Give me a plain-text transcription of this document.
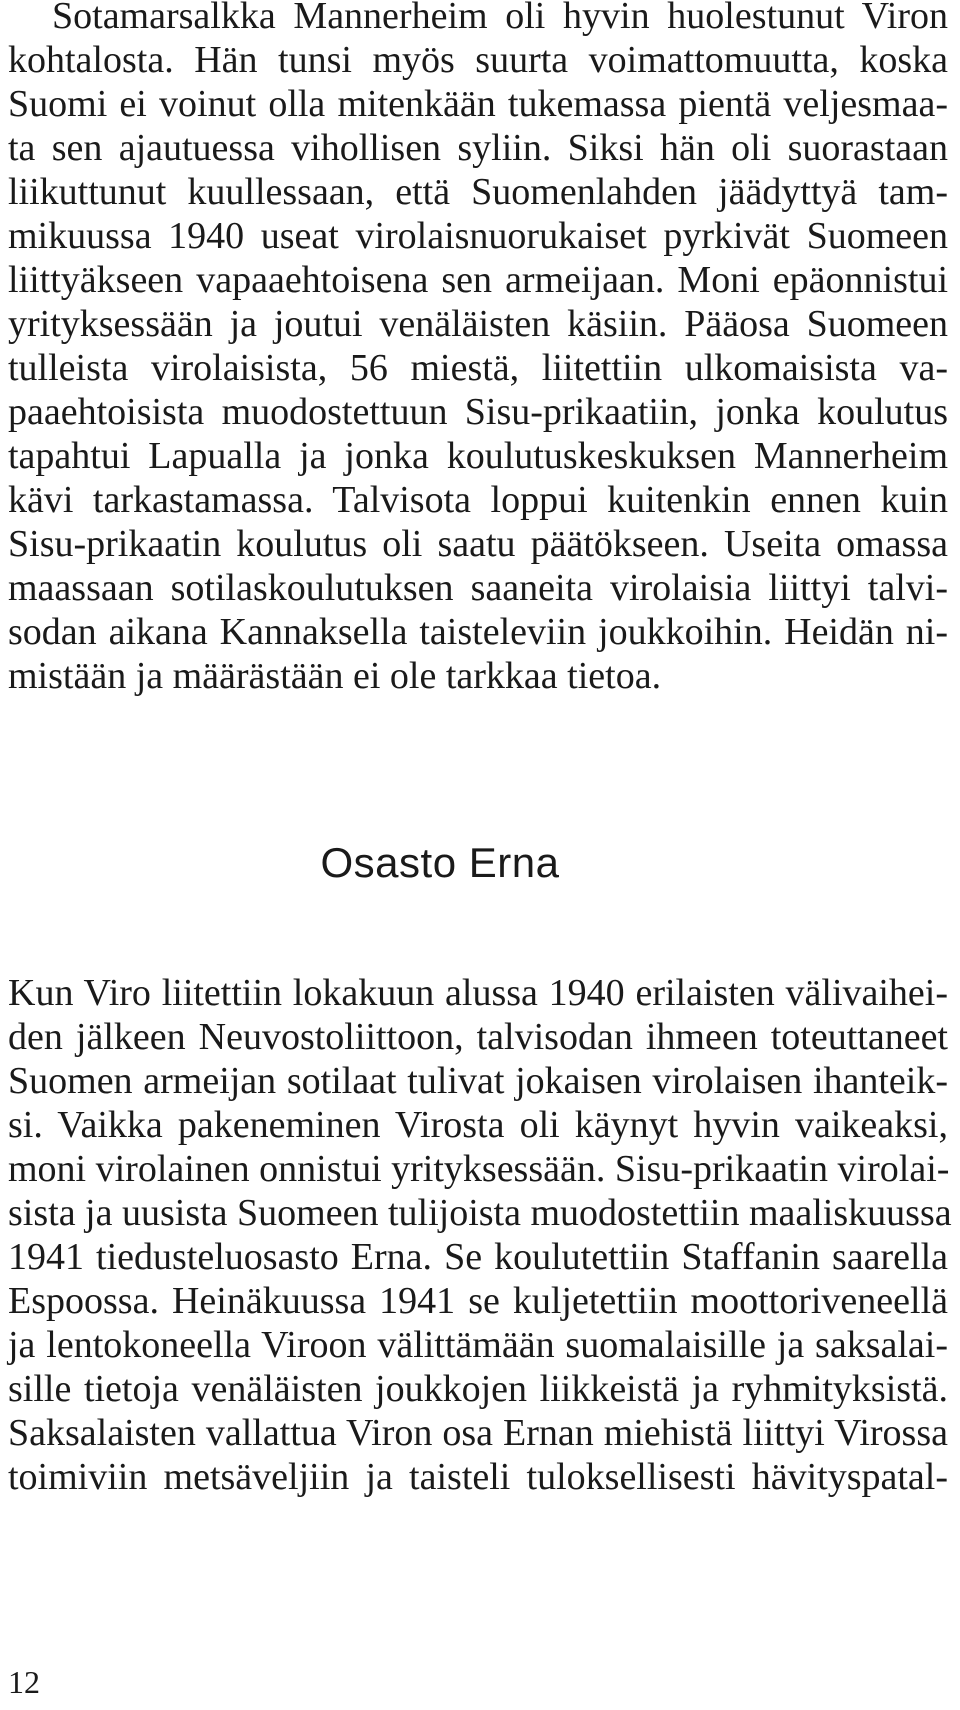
Sotamarsalkka Mannerheim oli hyvin huolestunut Viron
kohtalosta. Hän tunsi myös suurta voimattomuutta, koska
Suomi ei voinut olla mitenkään tukemassa pientä veljesmaa-
ta sen ajautuessa vihollisen syliin. Siksi hän oli suorastaan
liikuttunut kuullessaan, että Suomenlahden jäädyttyä tam-
mikuussa 1940 useat virolaisnuorukaiset pyrkivät Suomeen
liittyäkseen vapaaehtoisena sen armeijaan. Moni epäonnistui
yrityksessään ja joutui venäläisten käsiin. Pääosa Suomeen
tulleista virolaisista, 56 miestä, liitettiin ulkomaisista va-
paaehtoisista muodostettuun Sisu-prikaatiin, jonka koulutus
tapahtui Lapualla ja jonka koulutuskeskuksen Mannerheim
kävi tarkastamassa. Talvisota loppui kuitenkin ennen kuin
Sisu-prikaatin koulutus oli saatu päätökseen. Useita omassa
maassaan sotilaskoulutuksen saaneita virolaisia liittyi talvi-
sodan aikana Kannaksella taisteleviin joukkoihin. Heidän ni-
mistään ja määrästään ei ole tarkkaa tietoa.
Osasto Erna
Kun Viro liitettiin lokakuun alussa 1940 erilaisten välivaihei-
den jälkeen Neuvostoliittoon, talvisodan ihmeen toteuttaneet
Suomen armeijan sotilaat tulivat jokaisen virolaisen ihanteik-
si. Vaikka pakeneminen Virosta oli käynyt hyvin vaikeaksi,
moni virolainen onnistui yrityksessään. Sisu-prikaatin virolai-
sista ja uusista Suomeen tulijoista muodostettiin maaliskuussa
1941 tiedusteluosasto Erna. Se koulutettiin Staffanin saarella
Espoossa. Heinäkuussa 1941 se kuljetettiin moottoriveneellä
ja lentokoneella Viroon välittämään suomalaisille ja saksalai-
sille tietoja venäläisten joukkojen liikkeistä ja ryhmityksistä.
Saksalaisten vallattua Viron osa Ernan miehistä liittyi Virossa
toimiviin metsäveljiin ja taisteli tuloksellisesti hävityspatal-
12
